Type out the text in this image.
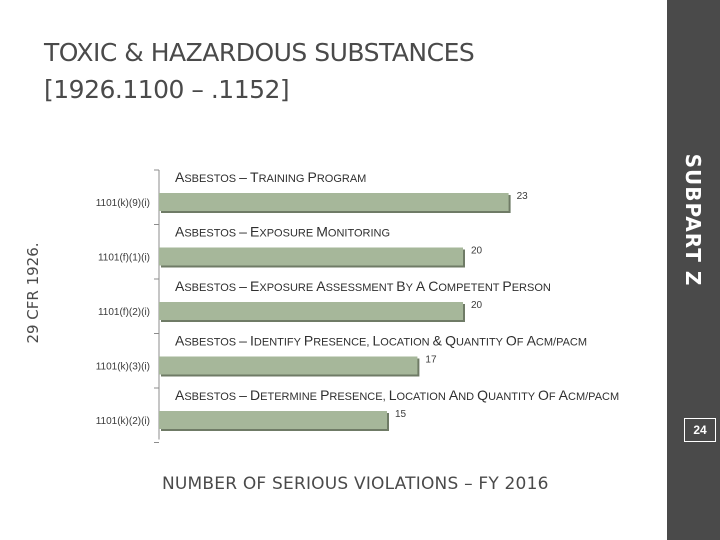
TOXIC & HAZARDOUS SUBSTANCES
[1926.1100 – .1152]
29 CFR 1926.
ASBESTOS – TRAINING PROGRAM
1101(k)(9)(i)
23
ASBESTOS – EXPOSURE MONITORING
1101(f)(1)(i)
20
ASBESTOS – EXPOSURE ASSESSMENT BY A COMPETENT PERSON
1101(f)(2)(i)
20
ASBESTOS – IDENTIFY PRESENCE, LOCATION & QUANTITY OF ACM/PACM
1101(k)(3)(i)
17
ASBESTOS – DETERMINE PRESENCE, LOCATION AND QUANTITY OF ACM/PACM
1101(k)(2)(i)
15
SUBPART Z
24
NUMBER OF SERIOUS VIOLATIONS – FY 2016
